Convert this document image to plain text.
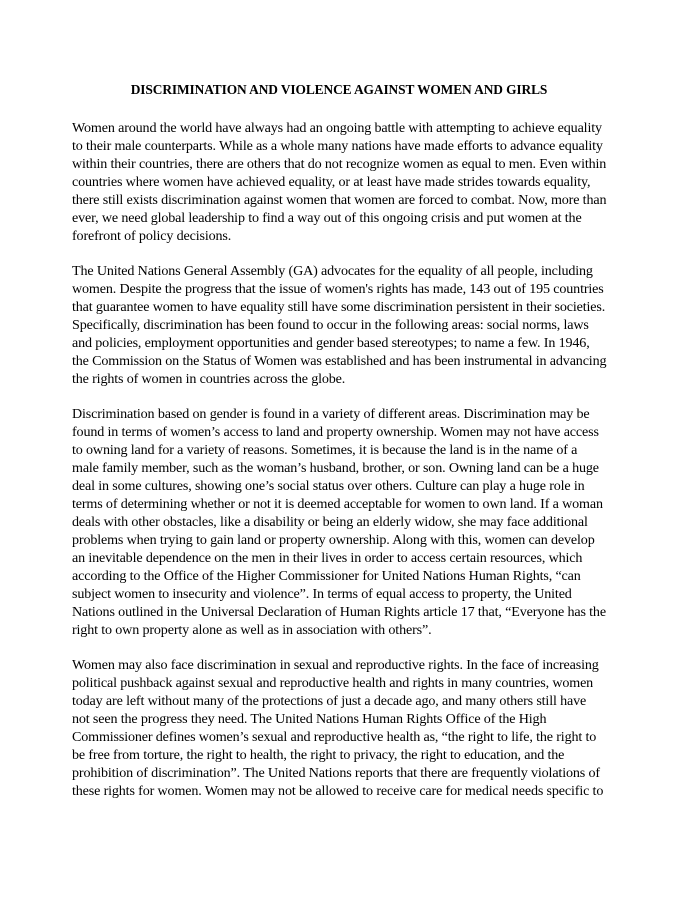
DISCRIMINATION AND VIOLENCE AGAINST WOMEN AND GIRLS

Women around the world have always had an ongoing battle with attempting to achieve equality
to their male counterparts. While as a whole many nations have made efforts to advance equality
within their countries, there are others that do not recognize women as equal to men. Even within
countries where women have achieved equality, or at least have made strides towards equality,
there still exists discrimination against women that women are forced to combat. Now, more than
ever, we need global leadership to find a way out of this ongoing crisis and put women at the
forefront of policy decisions.

The United Nations General Assembly (GA) advocates for the equality of all people, including
women. Despite the progress that the issue of women's rights has made, 143 out of 195 countries
that guarantee women to have equality still have some discrimination persistent in their societies.
Specifically, discrimination has been found to occur in the following areas: social norms, laws
and policies, employment opportunities and gender based stereotypes; to name a few. In 1946,
the Commission on the Status of Women was established and has been instrumental in advancing
the rights of women in countries across the globe.

Discrimination based on gender is found in a variety of different areas. Discrimination may be
found in terms of women’s access to land and property ownership. Women may not have access
to owning land for a variety of reasons. Sometimes, it is because the land is in the name of a
male family member, such as the woman’s husband, brother, or son. Owning land can be a huge
deal in some cultures, showing one’s social status over others. Culture can play a huge role in
terms of determining whether or not it is deemed acceptable for women to own land. If a woman
deals with other obstacles, like a disability or being an elderly widow, she may face additional
problems when trying to gain land or property ownership. Along with this, women can develop
an inevitable dependence on the men in their lives in order to access certain resources, which
according to the Office of the Higher Commissioner for United Nations Human Rights, “can
subject women to insecurity and violence”. In terms of equal access to property, the United
Nations outlined in the Universal Declaration of Human Rights article 17 that, “Everyone has the
right to own property alone as well as in association with others”.

Women may also face discrimination in sexual and reproductive rights. In the face of increasing
political pushback against sexual and reproductive health and rights in many countries, women
today are left without many of the protections of just a decade ago, and many others still have
not seen the progress they need. The United Nations Human Rights Office of the High
Commissioner defines women’s sexual and reproductive health as, “the right to life, the right to
be free from torture, the right to health, the right to privacy, the right to education, and the
prohibition of discrimination”. The United Nations reports that there are frequently violations of
these rights for women. Women may not be allowed to receive care for medical needs specific to
